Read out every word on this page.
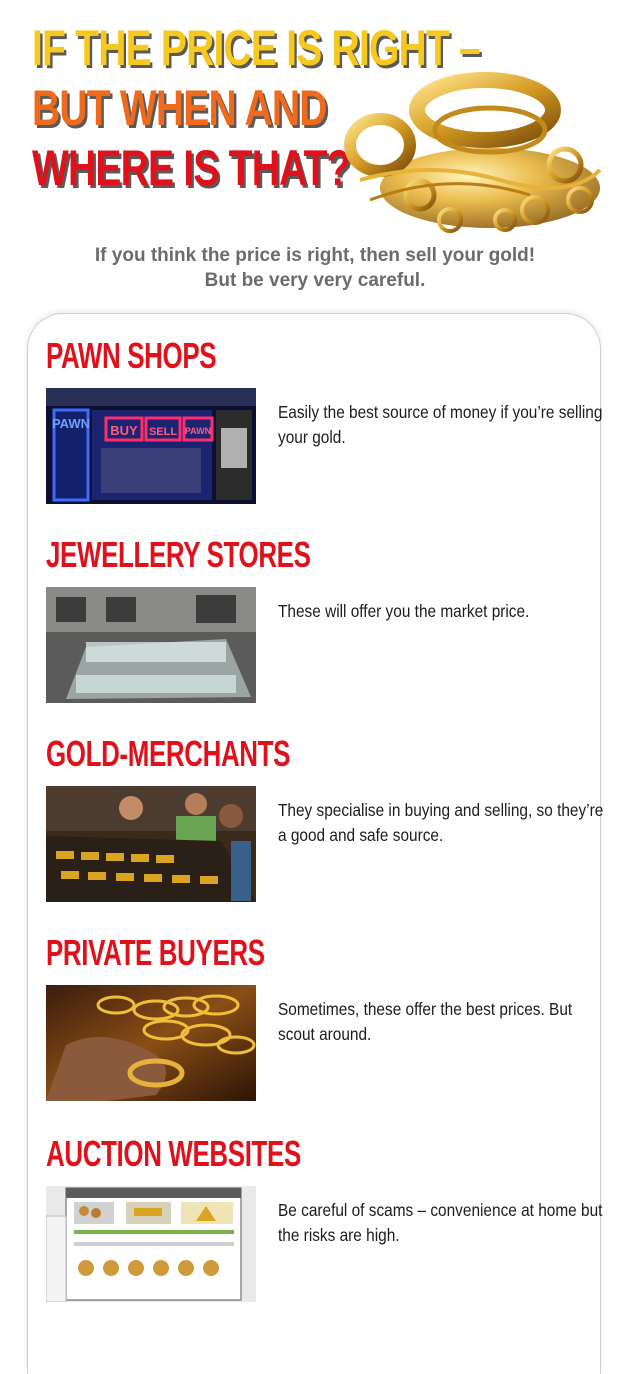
IF THE PRICE IS RIGHT –
BUT WHEN AND
WHERE IS THAT?
If you think the price is right, then sell your gold!
But be very very careful.
PAWN SHOPS
PAWN BUY SELL PAWN
Easily the best source of money if you’re selling your gold.
JEWELLERY STORES
These will offer you the market price.
GOLD-MERCHANTS
They specialise in buying and selling, so they’re a good and safe source.
PRIVATE BUYERS
Sometimes, these offer the best prices. But scout around.
AUCTION WEBSITES
Be careful of scams – convenience at home but the risks are high.
